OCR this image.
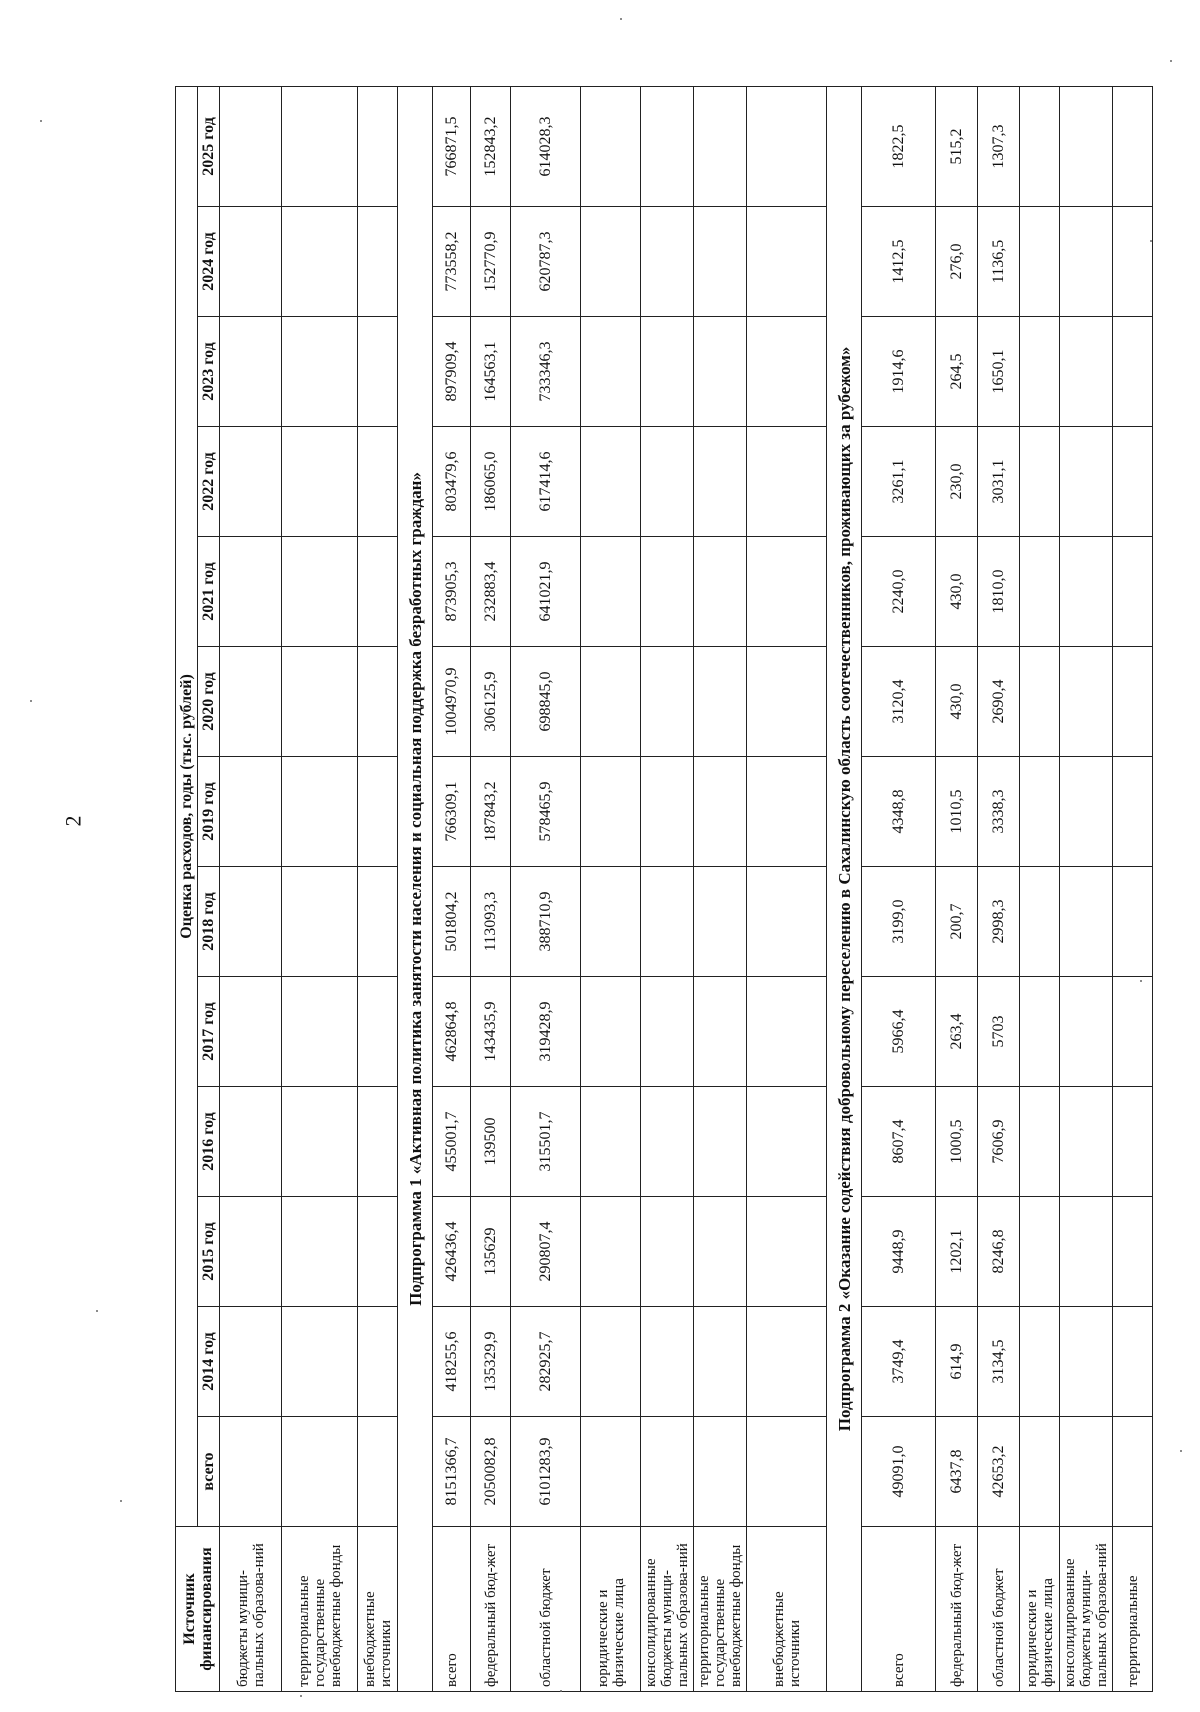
2
Источник финансирования	Оценка расходов, годы (тыс. рублей)												
	всего	2014 год	2015 год	2016 год	2017 год	2018 год	2019 год	2020 год	2021 год	2022 год	2023 год	2024 год	2025 год
бюджеты муници-пальных образова-ний													
территориальные государственные внебюджетные фонды													
внебюджетные источники													
Подпрограмма 1 «Активная политика занятости населения и социальная поддержка безработных граждан»													
всего	8151366,7	418255,6	426436,4	455001,7	462864,8	501804,2	766309,1	1004970,9	873905,3	803479,6	897909,4	773558,2	766871,5
федеральный бюд-жет	2050082,8	135329,9	135629	139500	143435,9	113093,3	187843,2	306125,9	232883,4	186065,0	164563,1	152770,9	152843,2
областной бюджет	6101283,9	282925,7	290807,4	315501,7	319428,9	388710,9	578465,9	698845,0	641021,9	617414,6	733346,3	620787,3	614028,3
юридические и физические лица													
консолидированные бюджеты муници-пальных образова-ний													
территориальные государственные внебюджетные фонды													
внебюджетные источники													
Подпрограмма 2 «Оказание содействия добровольному переселению в Сахалинскую область соотечественников, проживающих за рубежом»													
всего	49091,0	3749,4	9448,9	8607,4	5966,4	3199,0	4348,8	3120,4	2240,0	3261,1	1914,6	1412,5	1822,5
федеральный бюд-жет	6437,8	614,9	1202,1	1000,5	263,4	200,7	1010,5	430,0	430,0	230,0	264,5	276,0	515,2
областной бюджет	42653,2	3134,5	8246,8	7606,9	5703	2998,3	3338,3	2690,4	1810,0	3031,1	1650,1	1136,5	1307,3
юридические и физические лица													
консолидированные бюджеты муници-пальных образова-ний													
территориальные													
